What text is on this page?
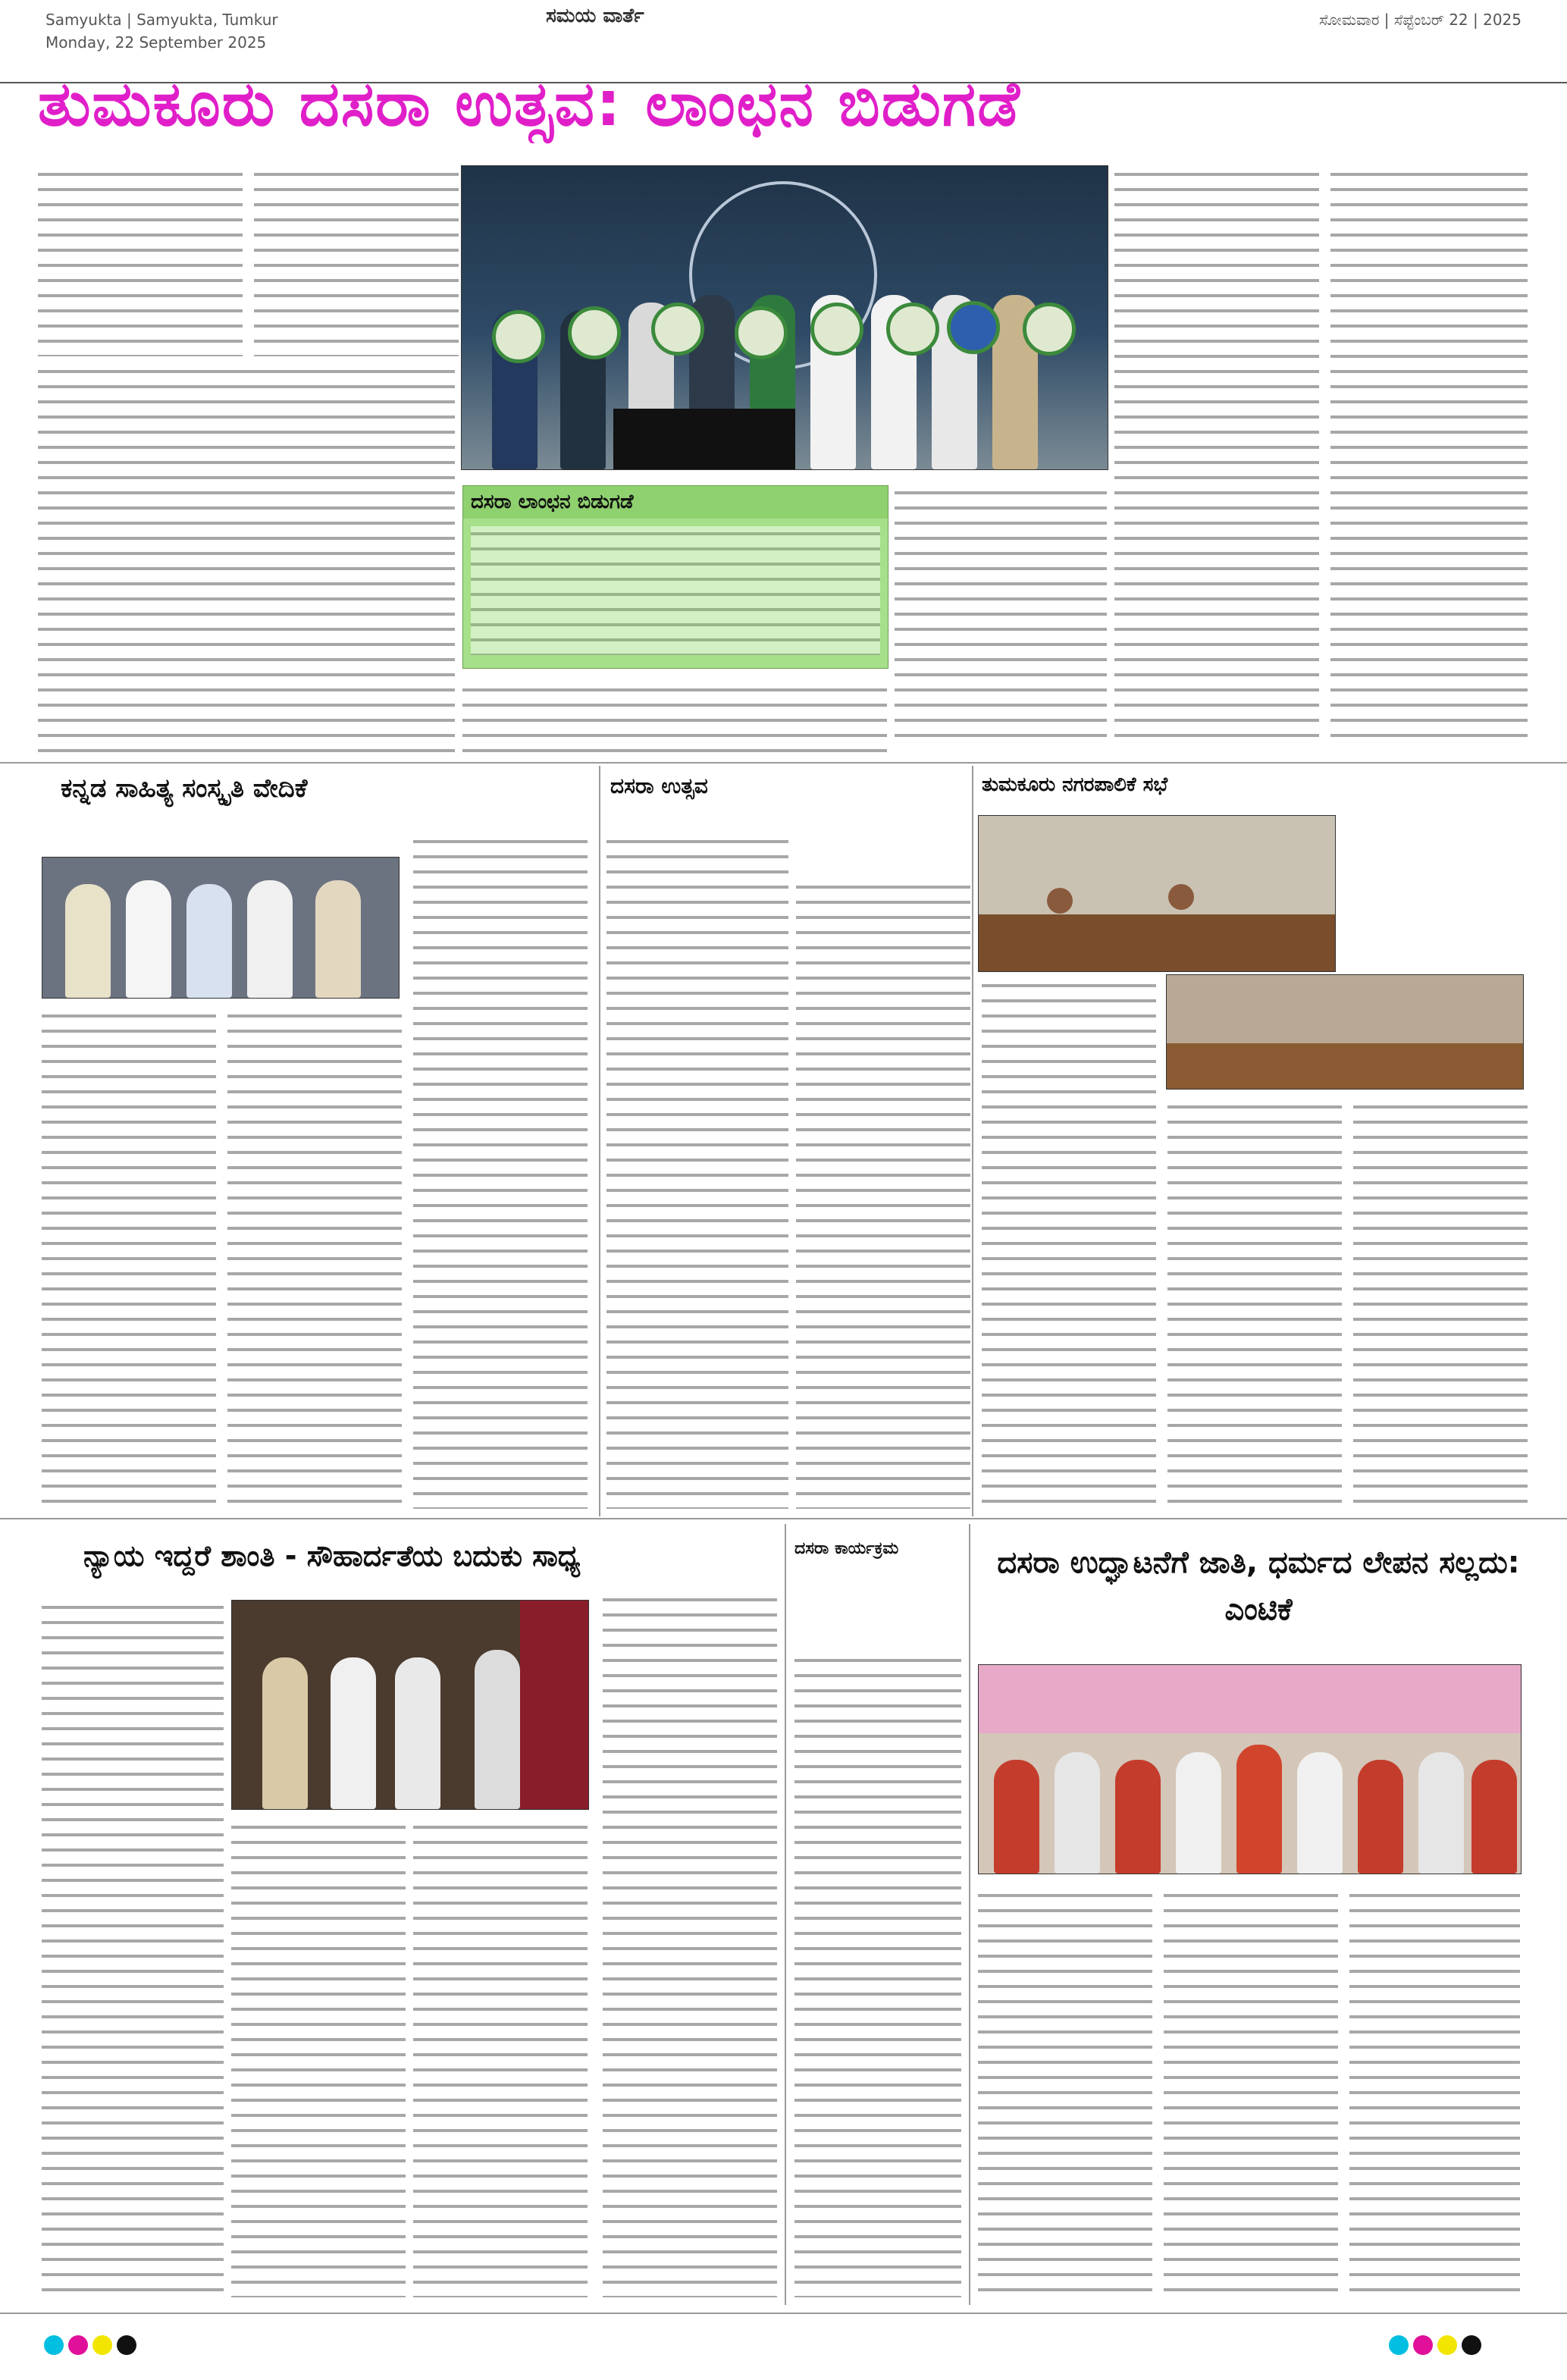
Samyukta | Samyukta, Tumkur
Monday, 22 September 2025
ಸಮಯ ವಾರ್ತೆ	ಸೋಮವಾರ | ಸೆಪ್ಟೆಂಬರ್ 22 | 2025
ತುಮಕೂರು ದಸರಾ ಉತ್ಸವ: ಲಾಂಛನ ಬಿಡುಗಡೆ
ದಸರಾ ಲಾಂಛನ ಬಿಡುಗಡೆ
ಕನ್ನಡ ಸಾಹಿತ್ಯ ಸಂಸ್ಕೃತಿ ವೇದಿಕೆ	ದಸರಾ ಉತ್ಸವ	ತುಮಕೂರು ನಗರಪಾಲಿಕೆ ಸಭೆ
ನ್ಯಾಯ ಇದ್ದರೆ ಶಾಂತಿ - ಸೌಹಾರ್ದತೆಯ ಬದುಕು ಸಾಧ್ಯ	ದಸರಾ ಕಾರ್ಯಕ್ರಮ	ದಸರಾ ಉದ್ಘಾಟನೆಗೆ ಜಾತಿ, ಧರ್ಮದ ಲೇಪನ ಸಲ್ಲದು: ಎಂಟಿಕೆ
